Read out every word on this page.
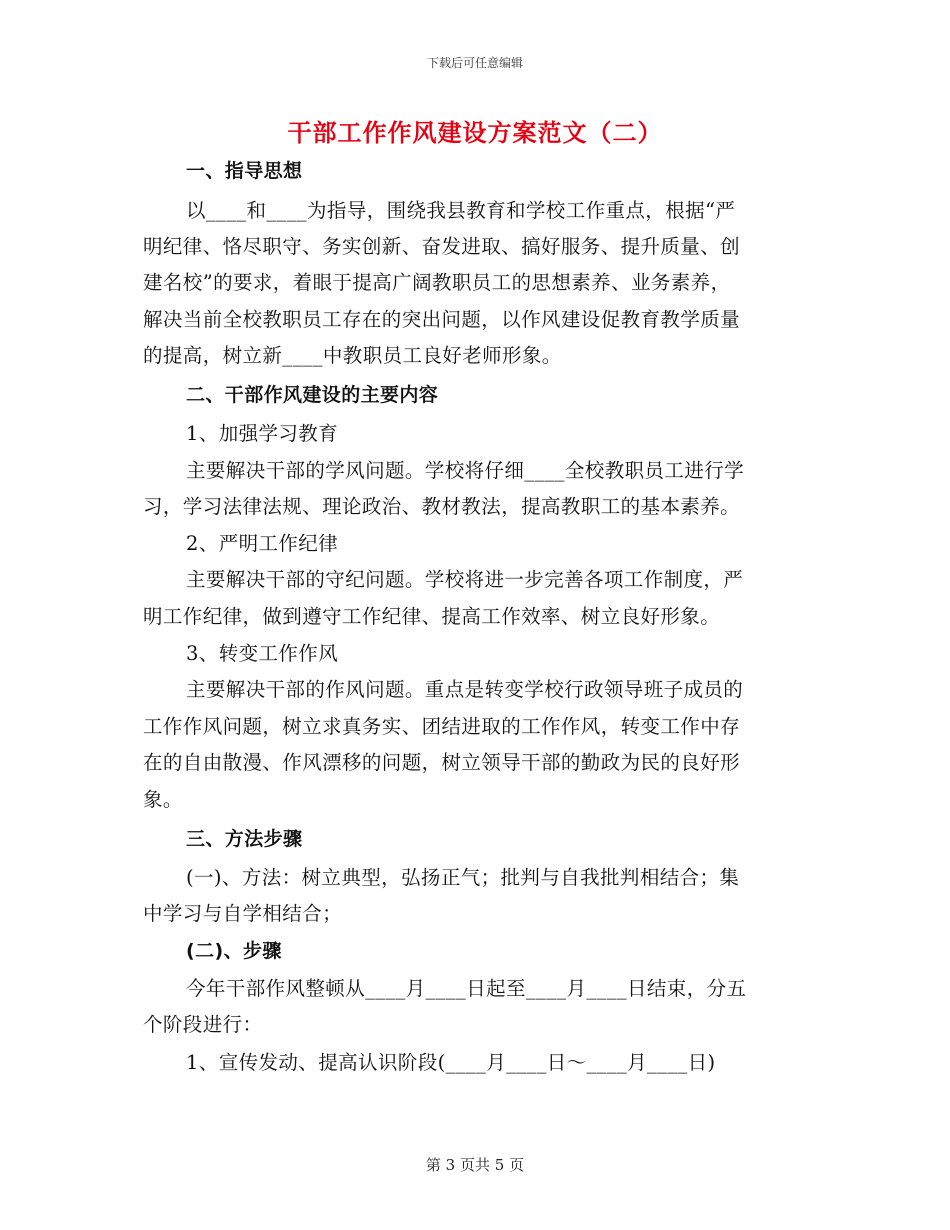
下载后可任意编辑
干部工作作风建设方案范文（二）
一、指导思想
以____和____为指导，围绕我县教育和学校工作重点，根据“严
明纪律、恪尽职守、务实创新、奋发进取、搞好服务、提升质量、创
建名校”的要求，着眼于提高广阔教职员工的思想素养、业务素养，
解决当前全校教职员工存在的突出问题，以作风建设促教育教学质量
的提高，树立新____中教职员工良好老师形象。
二、干部作风建设的主要内容
1、加强学习教育
主要解决干部的学风问题。学校将仔细____全校教职员工进行学
习，学习法律法规、理论政治、教材教法，提高教职工的基本素养。
2、严明工作纪律
主要解决干部的守纪问题。学校将进一步完善各项工作制度，严
明工作纪律，做到遵守工作纪律、提高工作效率、树立良好形象。
3、转变工作作风
主要解决干部的作风问题。重点是转变学校行政领导班子成员的
工作作风问题，树立求真务实、团结进取的工作作风，转变工作中存
在的自由散漫、作风漂移的问题，树立领导干部的勤政为民的良好形
象。
三、方法步骤
(一)、方法：树立典型，弘扬正气；批判与自我批判相结合；集
中学习与自学相结合；
(二)、步骤
今年干部作风整顿从____月____日起至____月____日结束，分五
个阶段进行：
1、宣传发动、提高认识阶段(____月____日～____月____日)
第 3 页共 5 页
